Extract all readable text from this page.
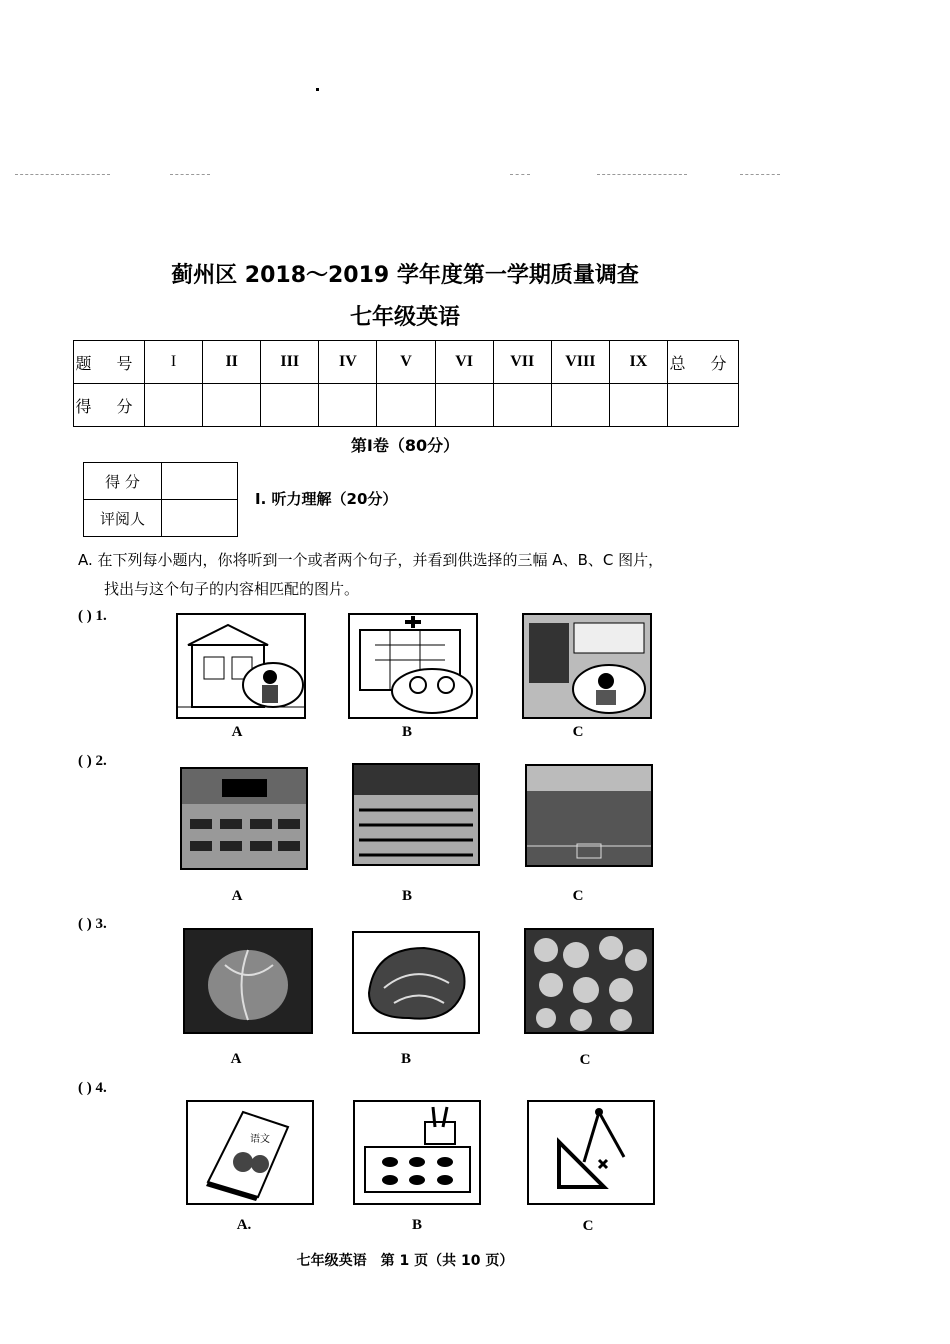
蓟州区 2018～2019 学年度第一学期质量调查
七年级英语
题 号	I	II	III	IV	V	VI	VII	VIII	IX	总 分
得 分										
第Ⅰ卷（80分）
得 分	
评阅人	
Ⅰ. 听力理解（20分）
A. 在下列每小题内，你将听到一个或者两个句子，并看到供选择的三幅 A、B、C 图片，
找出与这个句子的内容相匹配的图片。
( ) 1.
A	B	C
( ) 2.
A	B	C
( ) 3.
A	B	C
( ) 4.
语文
A.	B	C
七年级英语　第 1 页（共 10 页）
